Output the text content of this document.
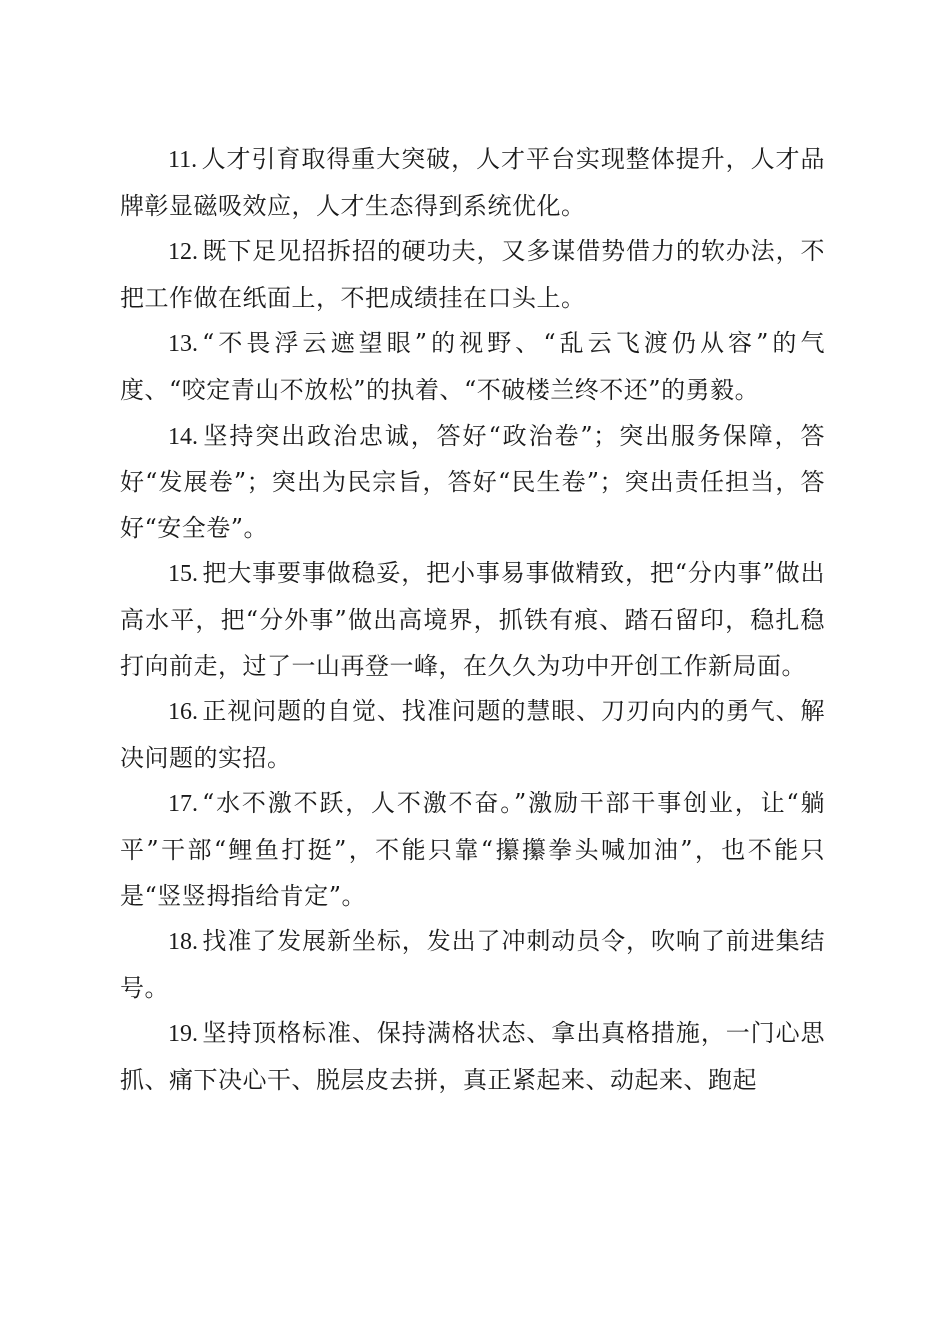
11. 人才引育取得重大突破，人才平台实现整体提升，人才品牌彰显磁吸效应，人才生态得到系统优化。

12. 既下足见招拆招的硬功夫，又多谋借势借力的软办法，不把工作做在纸面上，不把成绩挂在口头上。

13. “不畏浮云遮望眼”的视野、“乱云飞渡仍从容”的气度、“咬定青山不放松”的执着、“不破楼兰终不还”的勇毅。

14. 坚持突出政治忠诚，答好“政治卷”；突出服务保障，答好“发展卷”；突出为民宗旨，答好“民生卷”；突出责任担当，答好“安全卷”。

15. 把大事要事做稳妥，把小事易事做精致，把“分内事”做出高水平，把“分外事”做出高境界，抓铁有痕、踏石留印，稳扎稳打向前走，过了一山再登一峰，在久久为功中开创工作新局面。

16. 正视问题的自觉、找准问题的慧眼、刀刃向内的勇气、解决问题的实招。

17. “水不激不跃，人不激不奋。”激励干部干事创业，让“躺平”干部“鲤鱼打挺”，不能只靠“攥攥拳头喊加油”，也不能只是“竖竖拇指给肯定”。

18. 找准了发展新坐标，发出了冲刺动员令，吹响了前进集结号。

19. 坚持顶格标准、保持满格状态、拿出真格措施，一门心思抓、痛下决心干、脱层皮去拼，真正紧起来、动起来、跑起
